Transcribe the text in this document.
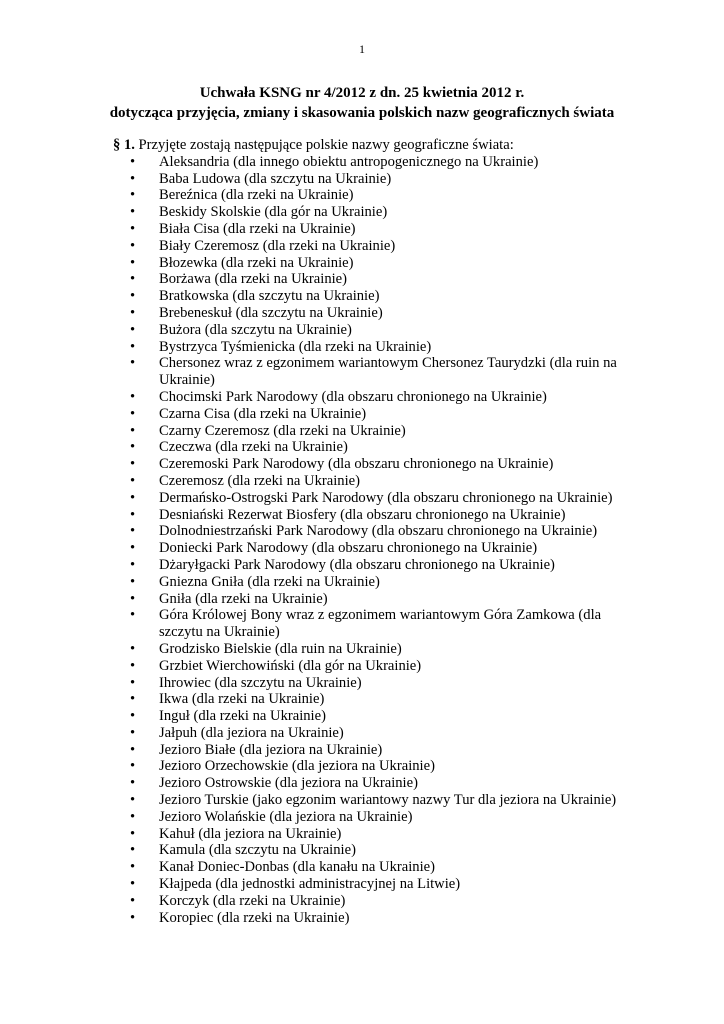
1
Uchwała KSNG nr 4/2012 z dn. 25 kwietnia 2012 r.
dotycząca przyjęcia, zmiany i skasowania polskich nazw geograficznych świata

§ 1. Przyjęte zostają następujące polskie nazwy geograficzne świata:

• Aleksandria (dla innego obiektu antropogenicznego na Ukrainie)
• Baba Ludowa (dla szczytu na Ukrainie)
• Bereźnica (dla rzeki na Ukrainie)
• Beskidy Skolskie (dla gór na Ukrainie)
• Biała Cisa (dla rzeki na Ukrainie)
• Biały Czeremosz (dla rzeki na Ukrainie)
• Błozewka (dla rzeki na Ukrainie)
• Borżawa (dla rzeki na Ukrainie)
• Bratkowska (dla szczytu na Ukrainie)
• Brebeneskuł (dla szczytu na Ukrainie)
• Bużora (dla szczytu na Ukrainie)
• Bystrzyca Tyśmienicka (dla rzeki na Ukrainie)
• Chersonez wraz z egzonimem wariantowym Chersonez Taurydzki (dla ruin na Ukrainie)
• Chocimski Park Narodowy (dla obszaru chronionego na Ukrainie)
• Czarna Cisa (dla rzeki na Ukrainie)
• Czarny Czeremosz (dla rzeki na Ukrainie)
• Czeczwa (dla rzeki na Ukrainie)
• Czeremoski Park Narodowy (dla obszaru chronionego na Ukrainie)
• Czeremosz (dla rzeki na Ukrainie)
• Dermańsko-Ostrogski Park Narodowy (dla obszaru chronionego na Ukrainie)
• Desniański Rezerwat Biosfery (dla obszaru chronionego na Ukrainie)
• Dolnodniestrzański Park Narodowy (dla obszaru chronionego na Ukrainie)
• Doniecki Park Narodowy (dla obszaru chronionego na Ukrainie)
• Dżaryłgacki Park Narodowy (dla obszaru chronionego na Ukrainie)
• Gniezna Gniła (dla rzeki na Ukrainie)
• Gniła (dla rzeki na Ukrainie)
• Góra Królowej Bony wraz z egzonimem wariantowym Góra Zamkowa (dla szczytu na Ukrainie)
• Grodzisko Bielskie (dla ruin na Ukrainie)
• Grzbiet Wierchowiński (dla gór na Ukrainie)
• Ihrowiec (dla szczytu na Ukrainie)
• Ikwa (dla rzeki na Ukrainie)
• Inguł (dla rzeki na Ukrainie)
• Jałpuh (dla jeziora na Ukrainie)
• Jezioro Białe (dla jeziora na Ukrainie)
• Jezioro Orzechowskie (dla jeziora na Ukrainie)
• Jezioro Ostrowskie (dla jeziora na Ukrainie)
• Jezioro Turskie (jako egzonim wariantowy nazwy Tur dla jeziora na Ukrainie)
• Jezioro Wolańskie (dla jeziora na Ukrainie)
• Kahuł (dla jeziora na Ukrainie)
• Kamula (dla szczytu na Ukrainie)
• Kanał Doniec-Donbas (dla kanału na Ukrainie)
• Kłajpeda (dla jednostki administracyjnej na Litwie)
• Korczyk (dla rzeki na Ukrainie)
• Koropiec (dla rzeki na Ukrainie)
